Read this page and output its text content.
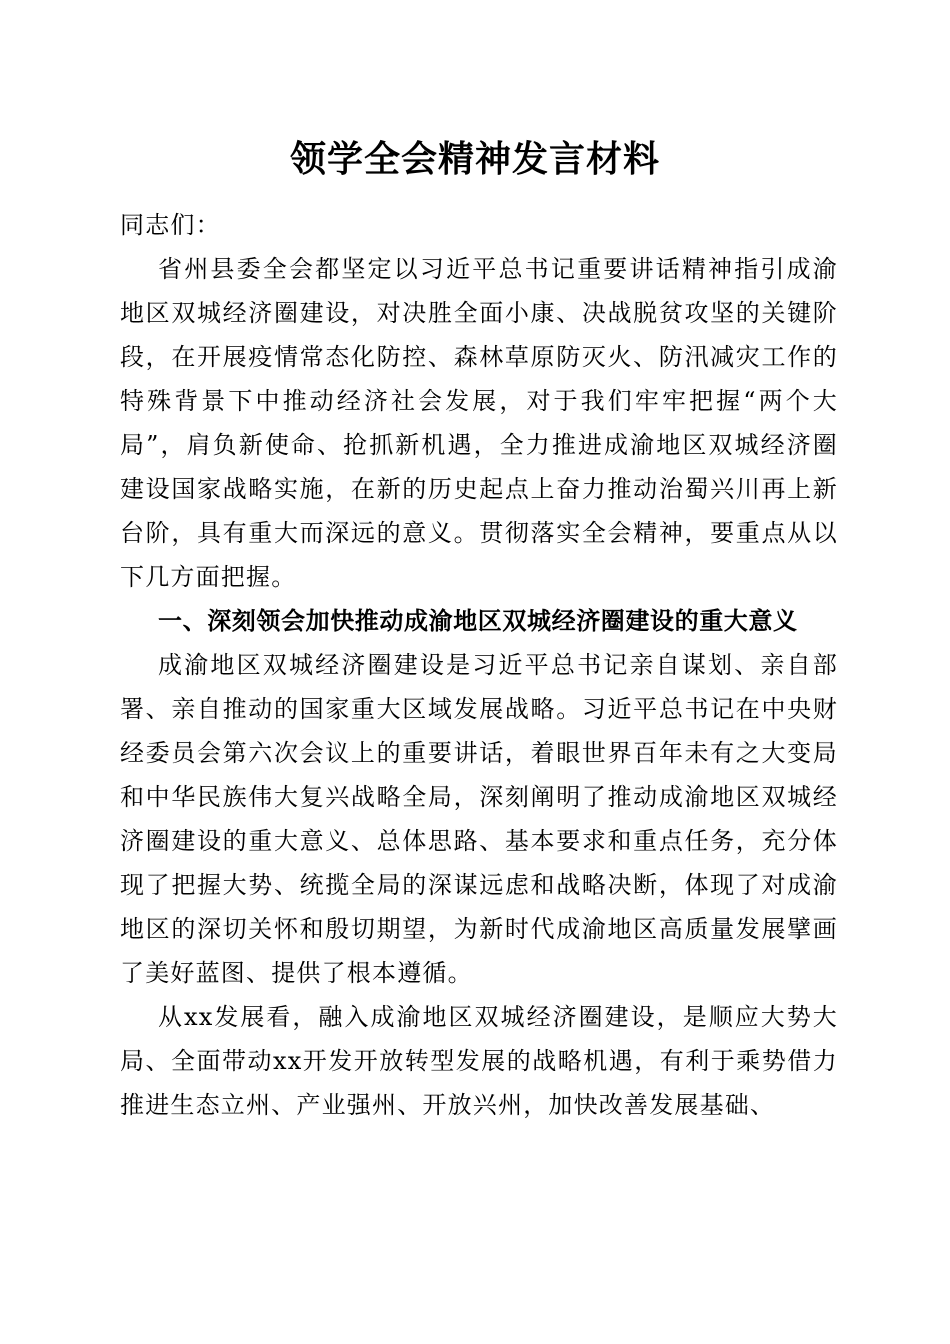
领学全会精神发言材料

同志们：

省州县委全会都坚定以习近平总书记重要讲话精神指引成渝地区双城经济圈建设，对决胜全面小康、决战脱贫攻坚的关键阶段，在开展疫情常态化防控、森林草原防灭火、防汛减灾工作的特殊背景下中推动经济社会发展，对于我们牢牢把握“两个大局”，肩负新使命、抢抓新机遇，全力推进成渝地区双城经济圈建设国家战略实施，在新的历史起点上奋力推动治蜀兴川再上新台阶，具有重大而深远的意义。贯彻落实全会精神，要重点从以下几方面把握。

一、深刻领会加快推动成渝地区双城经济圈建设的重大意义

成渝地区双城经济圈建设是习近平总书记亲自谋划、亲自部署、亲自推动的国家重大区域发展战略。习近平总书记在中央财经委员会第六次会议上的重要讲话，着眼世界百年未有之大变局和中华民族伟大复兴战略全局，深刻阐明了推动成渝地区双城经济圈建设的重大意义、总体思路、基本要求和重点任务，充分体现了把握大势、统揽全局的深谋远虑和战略决断，体现了对成渝地区的深切关怀和殷切期望，为新时代成渝地区高质量发展擘画了美好蓝图、提供了根本遵循。

从xx发展看，融入成渝地区双城经济圈建设，是顺应大势大局、全面带动xx开发开放转型发展的战略机遇，有利于乘势借力推进生态立州、产业强州、开放兴州，加快改善发展基础、
